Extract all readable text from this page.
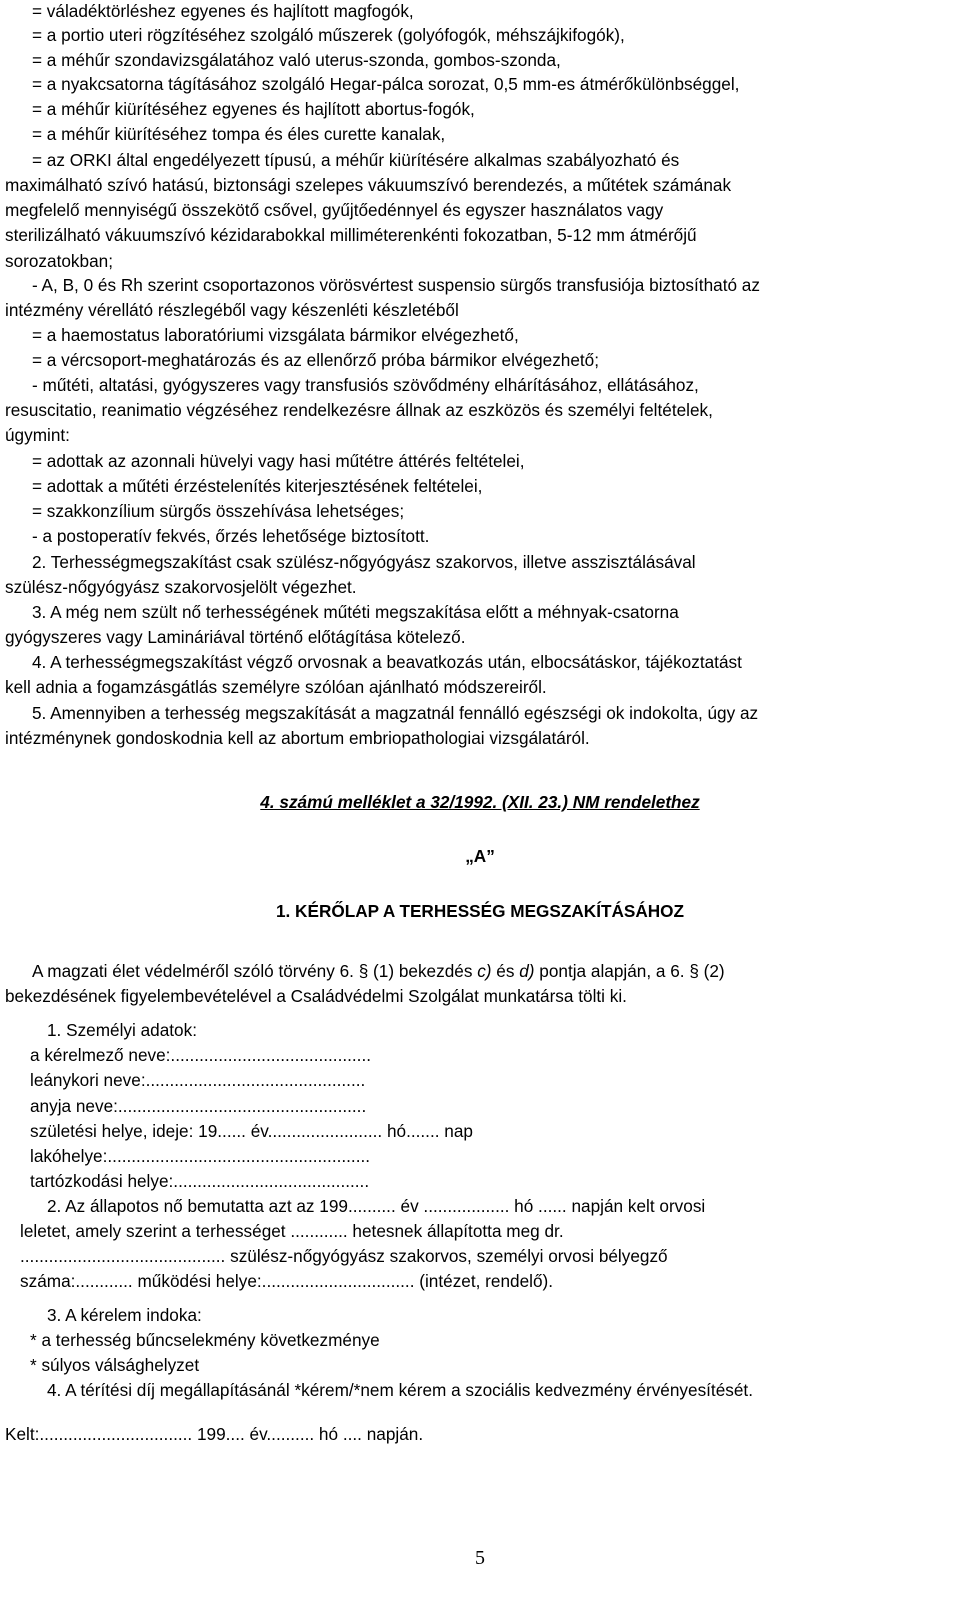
= váladéktörléshez egyenes és hajlított magfogók,
= a portio uteri rögzítéséhez szolgáló műszerek (golyófogók, méhszájkifogók),
= a méhűr szondavizsgálatához való uterus-szonda, gombos-szonda,
= a nyakcsatorna tágításához szolgáló Hegar-pálca sorozat, 0,5 mm-es átmérőkülönbséggel,
= a méhűr kiürítéséhez egyenes és hajlított abortus-fogók,
= a méhűr kiürítéséhez tompa és éles curette kanalak,
= az ORKI által engedélyezett típusú, a méhűr kiürítésére alkalmas szabályozható és
maximálható szívó hatású, biztonsági szelepes vákuumszívó berendezés, a műtétek számának
megfelelő mennyiségű összekötő csővel, gyűjtőedénnyel és egyszer használatos vagy
sterilizálható vákuumszívó kézidarabokkal milliméterenkénti fokozatban, 5-12 mm átmérőjű
sorozatokban;
- A, B, 0 és Rh szerint csoportazonos vörösvértest suspensio sürgős transfusiója biztosítható az
intézmény vérellátó részlegéből vagy készenléti készletéből
= a haemostatus laboratóriumi vizsgálata bármikor elvégezhető,
= a vércsoport-meghatározás és az ellenőrző próba bármikor elvégezhető;
- műtéti, altatási, gyógyszeres vagy transfusiós szövődmény elhárításához, ellátásához,
resuscitatio, reanimatio végzéséhez rendelkezésre állnak az eszközös és személyi feltételek,
úgymint:
= adottak az azonnali hüvelyi vagy hasi műtétre áttérés feltételei,
= adottak a műtéti érzéstelenítés kiterjesztésének feltételei,
= szakkonzílium sürgős összehívása lehetséges;
- a postoperatív fekvés, őrzés lehetősége biztosított.
2. Terhességmegszakítást csak szülész-nőgyógyász szakorvos, illetve asszisztálásával
szülész-nőgyógyász szakorvosjelölt végezhet.
3. A még nem szült nő terhességének műtéti megszakítása előtt a méhnyak-csatorna
gyógyszeres vagy Lamináriával történő előtágítása kötelező.
4. A terhességmegszakítást végző orvosnak a beavatkozás után, elbocsátáskor, tájékoztatást
kell adnia a fogamzásgátlás személyre szólóan ajánlható módszereiről.
5. Amennyiben a terhesség megszakítását a magzatnál fennálló egészségi ok indokolta, úgy az
intézménynek gondoskodnia kell az abortum embriopathologiai vizsgálatáról.
4. számú melléklet a 32/1992. (XII. 23.) NM rendelethez
„A”
1. KÉRŐLAP A TERHESSÉG MEGSZAKÍTÁSÁHOZ
A magzati élet védelméről szóló törvény 6. § (1) bekezdés c) és d) pontja alapján, a 6. § (2)
bekezdésének figyelembevételével a Családvédelmi Szolgálat munkatársa tölti ki.
1. Személyi adatok:
a kérelmező neve:..........................................
leánykori neve:..............................................
anyja neve:....................................................
születési helye, ideje: 19...... év........................ hó....... nap
lakóhelye:.......................................................
tartózkodási helye:.........................................
2. Az állapotos nő bemutatta azt az 199.......... év .................. hó ...... napján kelt orvosi
leletet, amely szerint a terhességet ............ hetesnek állapította meg dr.
........................................... szülész-nőgyógyász szakorvos, személyi orvosi bélyegző
száma:............ működési helye:................................ (intézet, rendelő).
3. A kérelem indoka:
* a terhesség bűncselekmény következménye
* súlyos válsághelyzet
4. A térítési díj megállapításánál *kérem/*nem kérem a szociális kedvezmény érvényesítését.
Kelt:................................ 199.... év.......... hó .... napján.
5
